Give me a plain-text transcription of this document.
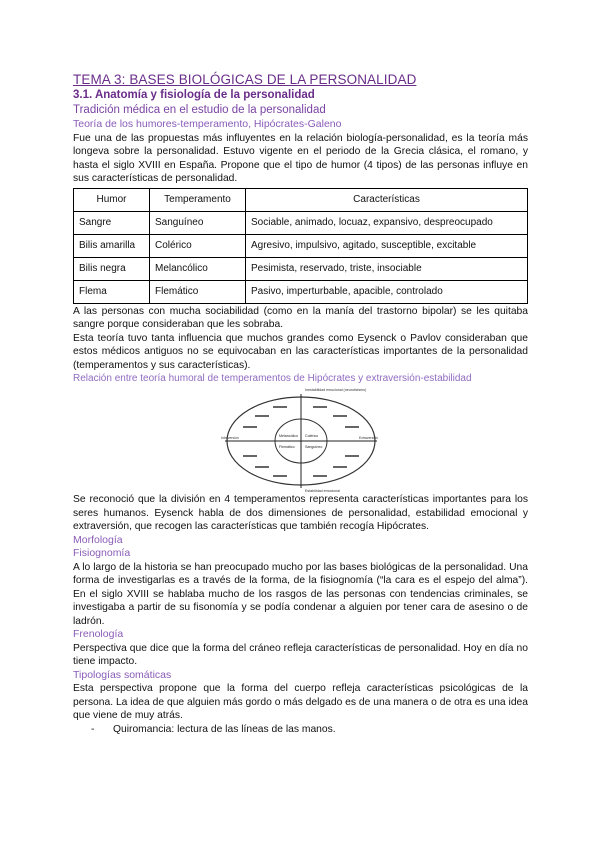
TEMA 3: BASES BIOLÓGICAS DE LA PERSONALIDAD
3.1. Anatomía y fisiología de la personalidad
Tradición médica en el estudio de la personalidad
Teoría de los humores-temperamento, Hipócrates-Galeno

Fue una de las propuestas más influyentes en la relación biología-personalidad, es la teoría más longeva sobre la personalidad. Estuvo vigente en el periodo de la Grecia clásica, el romano, y hasta el siglo XVIII en España. Propone que el tipo de humor (4 tipos) de las personas influye en sus características de personalidad.

Humor	Temperamento	Características
Sangre	Sanguíneo	Sociable, animado, locuaz, expansivo, despreocupado
Bilis amarilla	Colérico	Agresivo, impulsivo, agitado, susceptible, excitable
Bilis negra	Melancólico	Pesimista, reservado, triste, insociable
Flema	Flemático	Pasivo, imperturbable, apacible, controlado

A las personas con mucha sociabilidad (como en la manía del trastorno bipolar) se les quitaba sangre porque consideraban que les sobraba.

Esta teoría tuvo tanta influencia que muchos grandes como Eysenck o Pavlov consideraban que estos médicos antiguos no se equivocaban en las características importantes de la personalidad (temperamentos y sus características).

Relación entre teoría humoral de temperamentos de Hipócrates y extraversión-estabilidad
Inestabilidad emocional (neuroticismo)
Estabilidad emocional
Introversión	Extraversión
Melancólico Colérico
Flemático	Sanguíneo

Se reconoció que la división en 4 temperamentos representa características importantes para los seres humanos. Eysenck habla de dos dimensiones de personalidad, estabilidad emocional y extraversión, que recogen las características que también recogía Hipócrates.

Morfología
Fisiognomía

A lo largo de la historia se han preocupado mucho por las bases biológicas de la personalidad. Una forma de investigarlas es a través de la forma, de la fisiognomía (“la cara es el espejo del alma”). En el siglo XVIII se hablaba mucho de los rasgos de las personas con tendencias criminales, se investigaba a partir de su fisonomía y se podía condenar a alguien por tener cara de asesino o de ladrón.

Frenología

Perspectiva que dice que la forma del cráneo refleja características de personalidad. Hoy en día no tiene impacto.

Tipologías somáticas

Esta perspectiva propone que la forma del cuerpo refleja características psicológicas de la persona. La idea de que alguien más gordo o más delgado es de una manera o de otra es una idea que viene de muy atrás.

- Quiromancia: lectura de las líneas de las manos.
